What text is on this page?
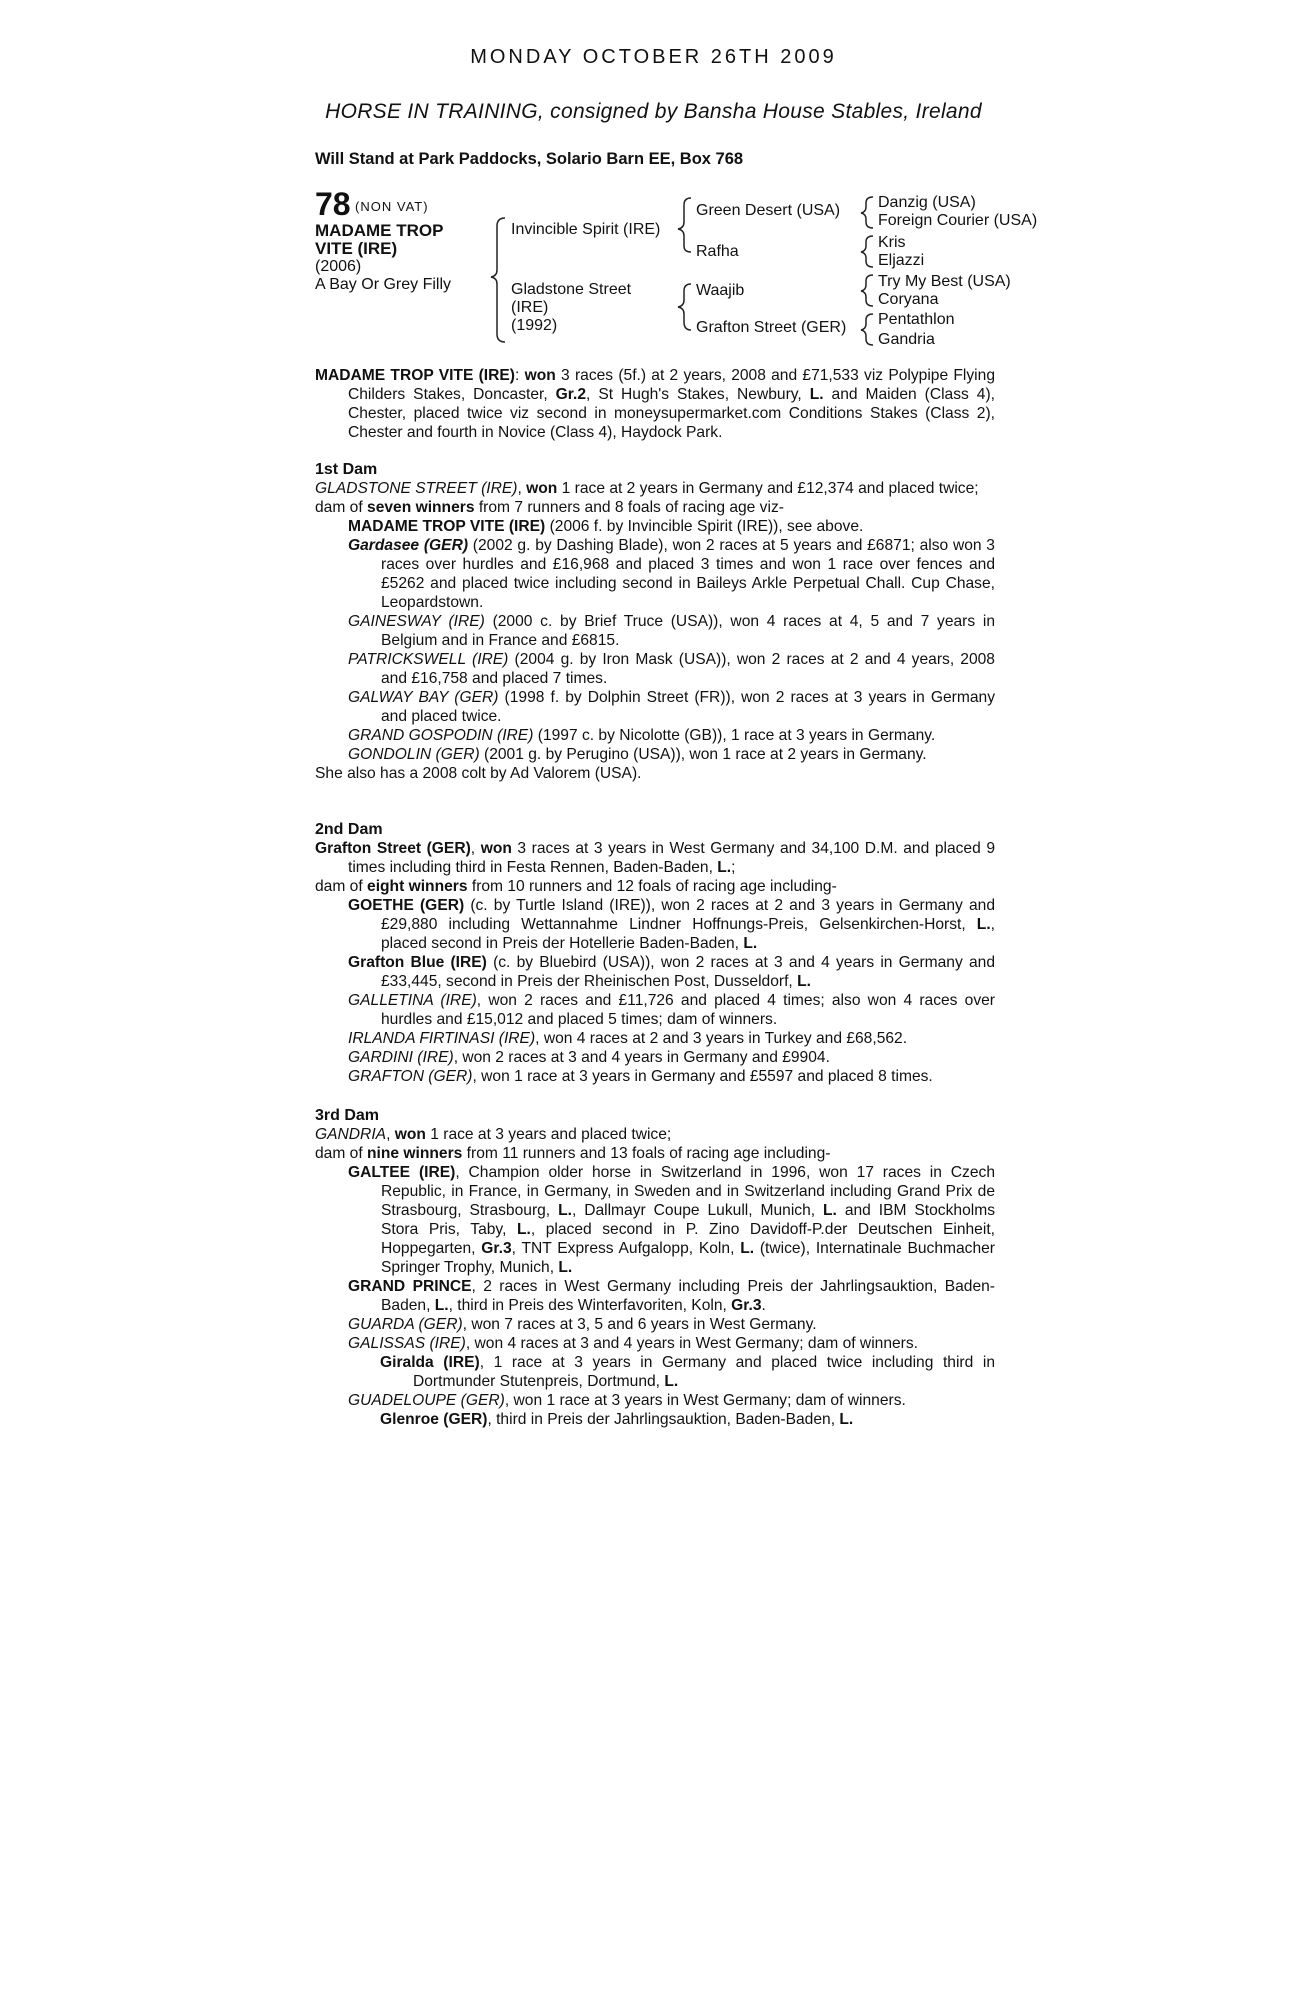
MONDAY OCTOBER 26TH 2009
HORSE IN TRAINING, consigned by Bansha House Stables, Ireland
Will Stand at Park Paddocks, Solario Barn EE, Box 768
78 (NON VAT)
MADAME TROP
VITE (IRE)
(2006)
A Bay Or Grey Filly
Invincible Spirit (IRE)
Gladstone Street
(IRE)
(1992)
Green Desert (USA)
Rafha
Waajib
Grafton Street (GER)
Danzig (USA)
Foreign Courier (USA)
Kris
Eljazzi
Try My Best (USA)
Coryana
Pentathlon
Gandria
MADAME TROP VITE (IRE): won 3 races (5f.) at 2 years, 2008 and £71,533 viz Polypipe Flying Childers Stakes, Doncaster, Gr.2, St Hugh's Stakes, Newbury, L. and Maiden (Class 4), Chester, placed twice viz second in moneysupermarket.com Conditions Stakes (Class 2), Chester and fourth in Novice (Class 4), Haydock Park.
1st Dam
GLADSTONE STREET (IRE), won 1 race at 2 years in Germany and £12,374 and placed twice;
dam of seven winners from 7 runners and 8 foals of racing age viz-
MADAME TROP VITE (IRE) (2006 f. by Invincible Spirit (IRE)), see above.
Gardasee (GER) (2002 g. by Dashing Blade), won 2 races at 5 years and £6871; also won 3 races over hurdles and £16,968 and placed 3 times and won 1 race over fences and £5262 and placed twice including second in Baileys Arkle Perpetual Chall. Cup Chase, Leopardstown.
GAINESWAY (IRE) (2000 c. by Brief Truce (USA)), won 4 races at 4, 5 and 7 years in Belgium and in France and £6815.
PATRICKSWELL (IRE) (2004 g. by Iron Mask (USA)), won 2 races at 2 and 4 years, 2008 and £16,758 and placed 7 times.
GALWAY BAY (GER) (1998 f. by Dolphin Street (FR)), won 2 races at 3 years in Germany and placed twice.
GRAND GOSPODIN (IRE) (1997 c. by Nicolotte (GB)), 1 race at 3 years in Germany.
GONDOLIN (GER) (2001 g. by Perugino (USA)), won 1 race at 2 years in Germany.
She also has a 2008 colt by Ad Valorem (USA).
2nd Dam
Grafton Street (GER), won 3 races at 3 years in West Germany and 34,100 D.M. and placed 9 times including third in Festa Rennen, Baden-Baden, L.;
dam of eight winners from 10 runners and 12 foals of racing age including-
GOETHE (GER) (c. by Turtle Island (IRE)), won 2 races at 2 and 3 years in Germany and £29,880 including Wettannahme Lindner Hoffnungs-Preis, Gelsenkirchen-Horst, L., placed second in Preis der Hotellerie Baden-Baden, L.
Grafton Blue (IRE) (c. by Bluebird (USA)), won 2 races at 3 and 4 years in Germany and £33,445, second in Preis der Rheinischen Post, Dusseldorf, L.
GALLETINA (IRE), won 2 races and £11,726 and placed 4 times; also won 4 races over hurdles and £15,012 and placed 5 times; dam of winners.
IRLANDA FIRTINASI (IRE), won 4 races at 2 and 3 years in Turkey and £68,562.
GARDINI (IRE), won 2 races at 3 and 4 years in Germany and £9904.
GRAFTON (GER), won 1 race at 3 years in Germany and £5597 and placed 8 times.
3rd Dam
GANDRIA, won 1 race at 3 years and placed twice;
dam of nine winners from 11 runners and 13 foals of racing age including-
GALTEE (IRE), Champion older horse in Switzerland in 1996, won 17 races in Czech Republic, in France, in Germany, in Sweden and in Switzerland including Grand Prix de Strasbourg, Strasbourg, L., Dallmayr Coupe Lukull, Munich, L. and IBM Stockholms Stora Pris, Taby, L., placed second in P. Zino Davidoff-P.der Deutschen Einheit, Hoppegarten, Gr.3, TNT Express Aufgalopp, Koln, L. (twice), Internatinale Buchmacher Springer Trophy, Munich, L.
GRAND PRINCE, 2 races in West Germany including Preis der Jahrlingsauktion, Baden-Baden, L., third in Preis des Winterfavoriten, Koln, Gr.3.
GUARDA (GER), won 7 races at 3, 5 and 6 years in West Germany.
GALISSAS (IRE), won 4 races at 3 and 4 years in West Germany; dam of winners.
Giralda (IRE), 1 race at 3 years in Germany and placed twice including third in Dortmunder Stutenpreis, Dortmund, L.
GUADELOUPE (GER), won 1 race at 3 years in West Germany; dam of winners.
Glenroe (GER), third in Preis der Jahrlingsauktion, Baden-Baden, L.
